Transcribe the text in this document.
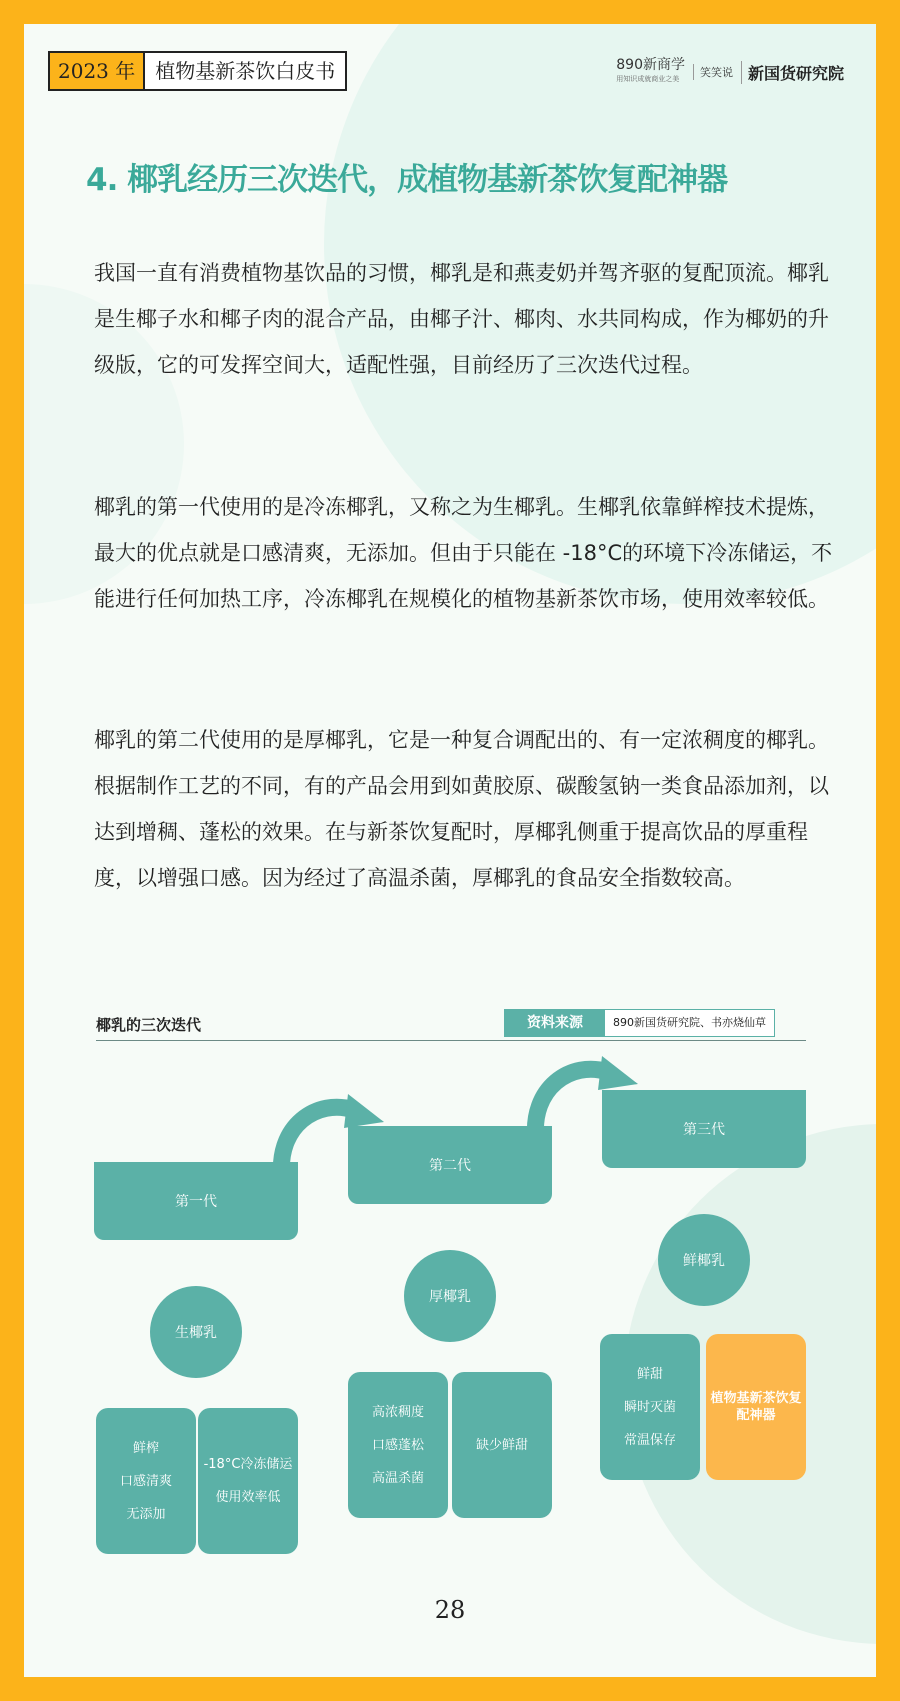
2023 年	植物基新茶饮白皮书	890新商学
用知识成就商业之美	笑笑说 新国货研究院
4. 椰乳经历三次迭代，成植物基新茶饮复配神器

我国一直有消费植物基饮品的习惯，椰乳是和燕麦奶并驾齐驱的复配顶流。椰乳是生椰子水和椰子肉的混合产品，由椰子汁、椰肉、水共同构成，作为椰奶的升级版，它的可发挥空间大，适配性强，目前经历了三次迭代过程。

椰乳的第一代使用的是冷冻椰乳，又称之为生椰乳。生椰乳依靠鲜榨技术提炼，最大的优点就是口感清爽，无添加。但由于只能在 -18°C的环境下冷冻储运，不能进行任何加热工序，冷冻椰乳在规模化的植物基新茶饮市场，使用效率较低。

椰乳的第二代使用的是厚椰乳，它是一种复合调配出的、有一定浓稠度的椰乳。根据制作工艺的不同，有的产品会用到如黄胶原、碳酸氢钠一类食品添加剂，以达到增稠、蓬松的效果。在与新茶饮复配时，厚椰乳侧重于提高饮品的厚重程度，以增强口感。因为经过了高温杀菌，厚椰乳的食品安全指数较高。

椰乳的三次迭代	资料来源	890新国货研究院、书亦烧仙草
第一代
生椰乳
鲜榨
口感清爽
无添加
-18°C冷冻储运
使用效率低
第二代
厚椰乳
高浓稠度
口感蓬松
高温杀菌
缺少鲜甜
第三代
鲜椰乳
鲜甜
瞬时灭菌
常温保存
植物基新茶饮复配神器
28
